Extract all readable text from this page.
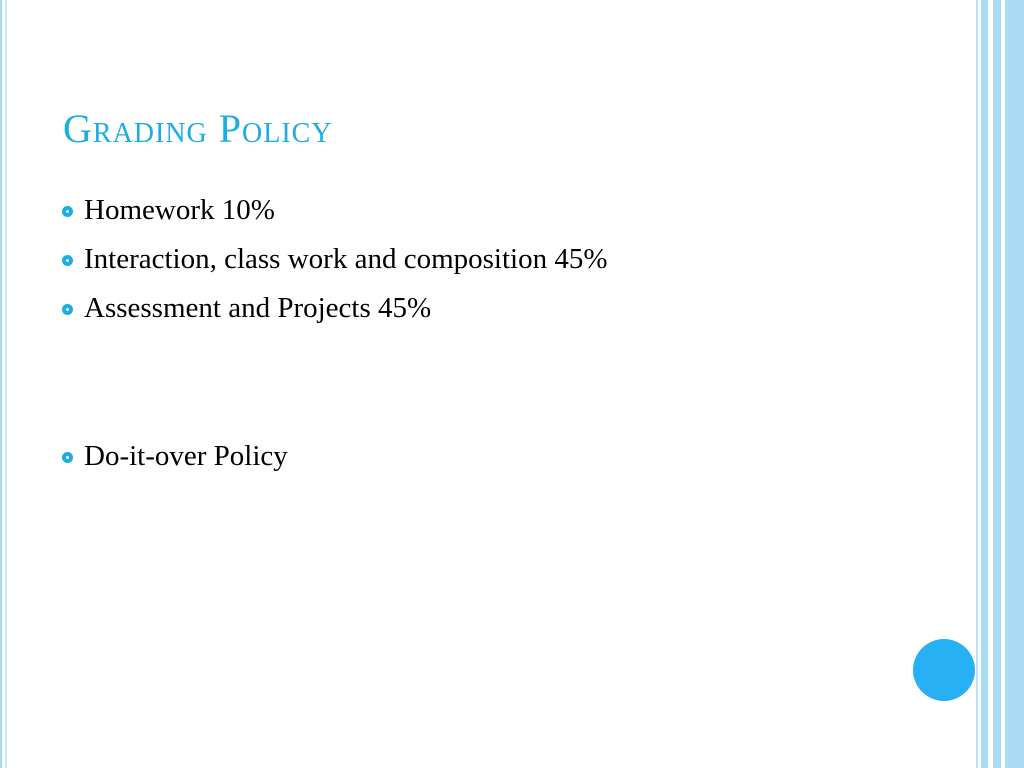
Grading Policy
Homework 10%
Interaction, class work and composition 45%
Assessment and Projects 45%
Do-it-over Policy
